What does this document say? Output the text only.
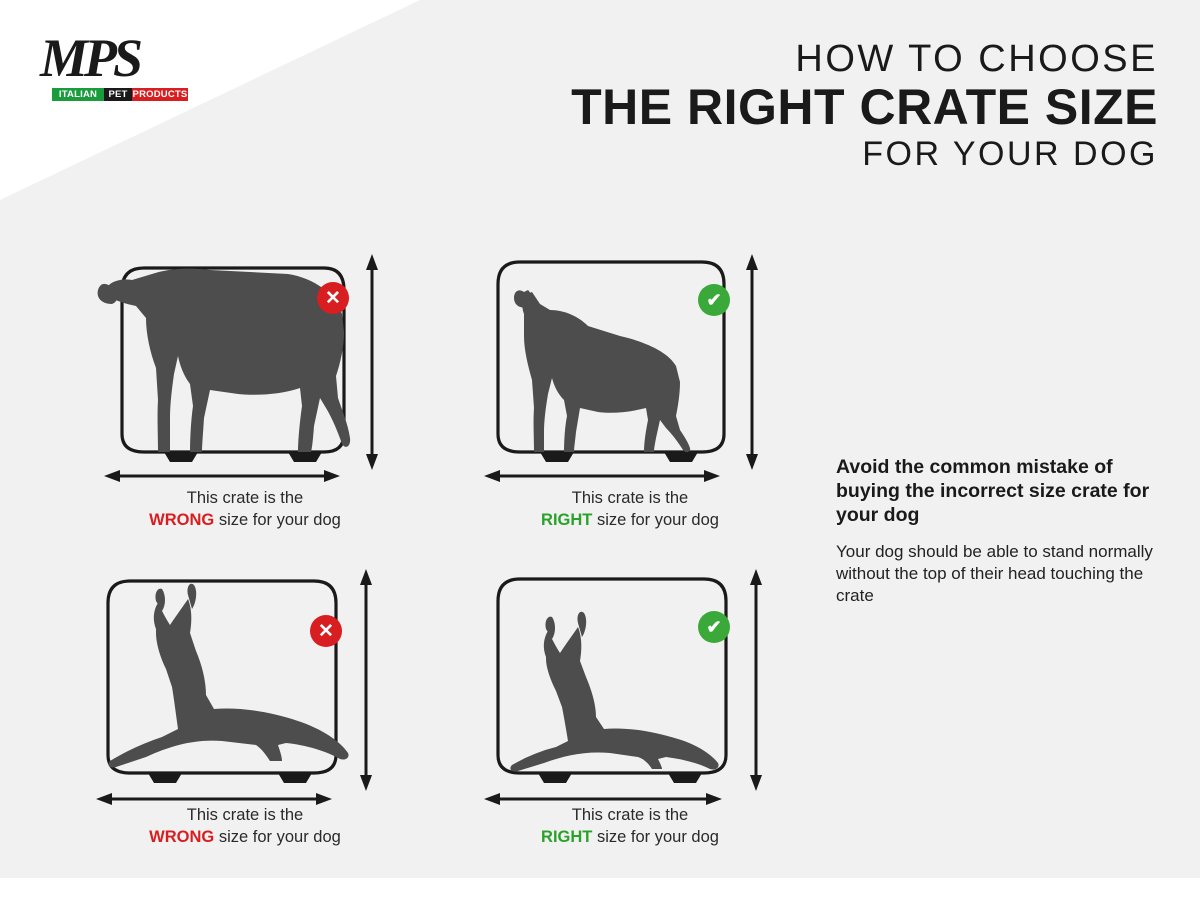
MPS
ITALIAN	PET PRODUCTS
HOW TO CHOOSE
THE RIGHT CRATE SIZE
FOR YOUR DOG
✕	✔
✕	✔
This crate is the
WRONG size for your dog
This crate is the
RIGHT size for your dog
This crate is the
WRONG size for your dog
This crate is the
RIGHT size for your dog
Avoid the common mistake of buying the incorrect size crate for your dog
Your dog should be able to stand normally without the top of their head touching the crate
